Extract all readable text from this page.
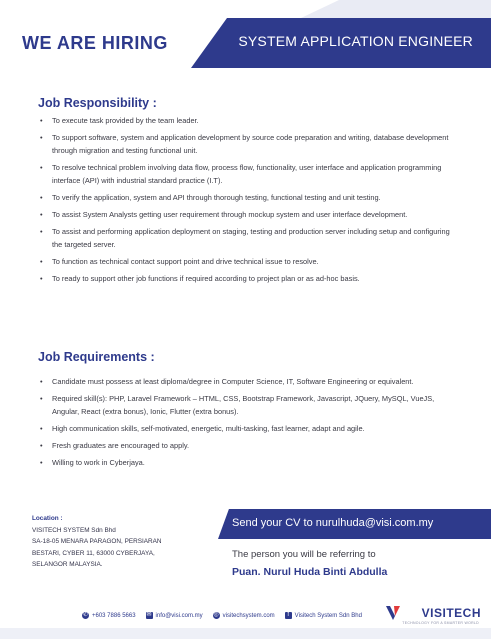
WE ARE HIRING	SYSTEM APPLICATION ENGINEER
Job Responsibility :
• To execute task provided by the team leader.
• To support software, system and application development by source code preparation and writing, database development through migration and testing functional unit.
• To resolve technical problem involving data flow, process flow, functionality, user interface and application programming interface (API) with industrial standard practice (I.T).
• To verify the application, system and API through thorough testing, functional testing and unit testing.
• To assist System Analysts getting user requirement through mockup system and user interface development.
• To assist and performing application deployment on staging, testing and production server including setup and configuring the targeted server.
• To function as technical contact support point and drive technical issue to resolve.
• To ready to support other job functions if required according to project plan or as ad-hoc basis.
Job Requirements :
• Candidate must possess at least diploma/degree in Computer Science, IT, Software Engineering or equivalent.
• Required skill(s): PHP, Laravel Framework – HTML, CSS, Bootstrap Framework, Javascript, JQuery, MySQL, VueJS, Angular, React (extra bonus), Ionic, Flutter (extra bonus).
• High communication skills, self-motivated, energetic, multi-tasking, fast learner, adapt and agile.
• Fresh graduates are encouraged to apply.
• Willing to work in Cyberjaya.
Location :
VISITECH SYSTEM Sdn Bhd
SA-18-05 MENARA PARAGON, PERSIARAN
BESTARI, CYBER 11, 63000 CYBERJAYA,
SELANGOR MALAYSIA.
Send your CV to nurulhuda@visi.com.my
The person you will be referring to
Puan. Nurul Huda Binti Abdulla
✆ +603 7886 5663 ✉ info@visi.com.my ◎ visitechsystem.com	f Visitech System Sdn Bhd	VISITECH
TECHNOLOGY FOR A SMARTER WORLD
